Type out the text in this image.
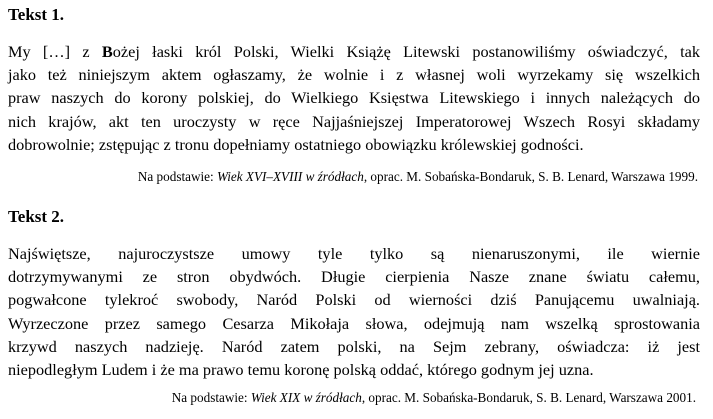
Tekst 1.
My […] z Bożej łaski król Polski, Wielki Książę Litewski postanowiliśmy oświadczyć, tak
jako też niniejszym aktem ogłaszamy, że wolnie i z własnej woli wyrzekamy się wszelkich
praw naszych do korony polskiej, do Wielkiego Księstwa Litewskiego i innych należących do
nich krajów, akt ten uroczysty w ręce Najjaśniejszej Imperatorowej Wszech Rosyi składamy
dobrowolnie; zstępując z tronu dopełniamy ostatniego obowiązku królewskiej godności.

Na podstawie: Wiek XVI–XVIII w źródłach, oprac. M. Sobańska-Bondaruk, S. B. Lenard, Warszawa 1999.

Tekst 2.
Najświętsze, najuroczystsze umowy tyle tylko są nienaruszonymi, ile wiernie
dotrzymywanymi ze stron obydwóch. Długie cierpienia Nasze znane światu całemu,
pogwałcone tylekroć swobody, Naród Polski od wierności dziś Panującemu uwalniają.
Wyrzeczone przez samego Cesarza Mikołaja słowa, odejmują nam wszelką sprostowania
krzywd naszych nadzieję. Naród zatem polski, na Sejm zebrany, oświadcza: iż jest
niepodległym Ludem i że ma prawo temu koronę polską oddać, którego godnym jej uzna.

Na podstawie: Wiek XIX w źródłach, oprac. M. Sobańska-Bondaruk, S. B. Lenard, Warszawa 2001.
